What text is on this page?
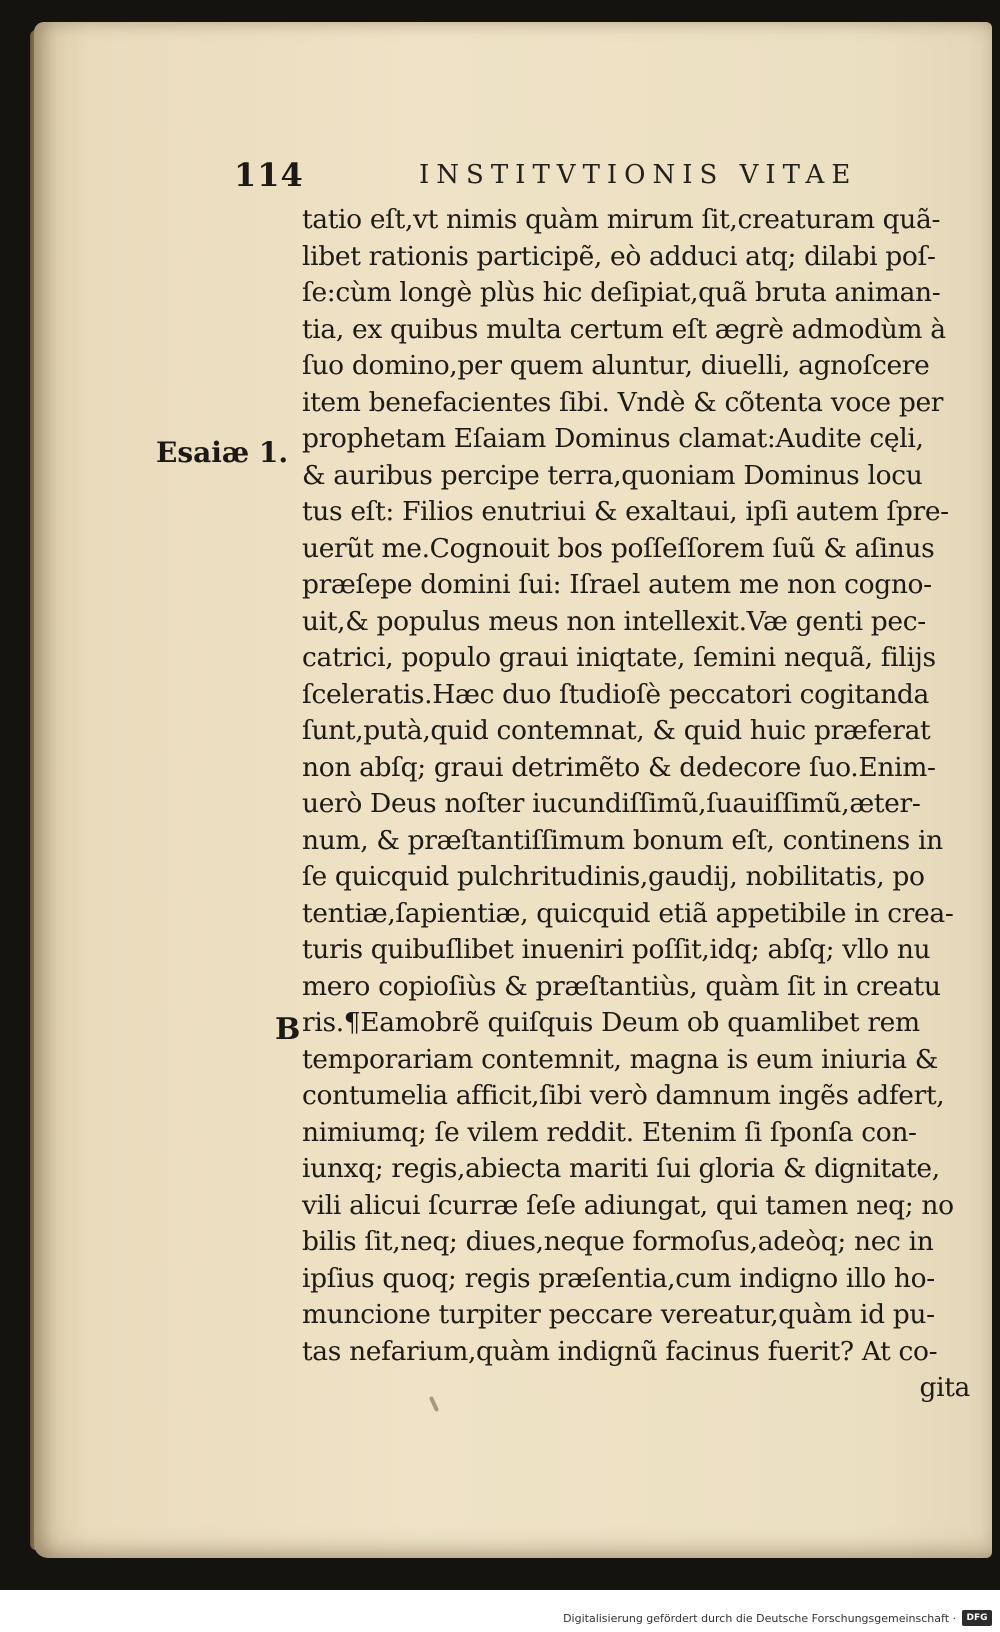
114	INSTITVTIONIS VITAE
Esaiæ 1.
B
tatio eſt,vt nimis quàm mirum ſit,creaturam quã-
libet rationis participẽ, eò adduci atq; dilabi poſ-
ſe:cùm longè plùs hic deſipiat,quã bruta animan-
tia, ex quibus multa certum eſt ægrè admodùm à
ſuo domino,per quem aluntur, diuelli, agnoſcere
item benefacientes ſibi. Vndè & cõtenta voce per
prophetam Eſaiam Dominus clamat:Audite cęli,
& auribus percipe terra,quoniam Dominus locu
tus eſt: Filios enutriui & exaltaui, ipſi autem ſpre-
uerũt me.Cognouit bos poſſeſſorem ſuũ & aſinus
præſepe domini ſui: Iſrael autem me non cogno-
uit,& populus meus non intellexit.Væ genti pec-
catrici, populo graui iniqtate, ſemini nequã, filijs
ſceleratis.Hæc duo ſtudioſè peccatori cogitanda
ſunt,putà,quid contemnat, & quid huic præferat
non abſq; graui detrimẽto & dedecore ſuo.Enim-
uerò Deus noſter iucundiſſimũ,ſuauiſſimũ,æter-
num, & præſtantiſſimum bonum eſt, continens in
ſe quicquid pulchritudinis,gaudij, nobilitatis, po
tentiæ,ſapientiæ, quicquid etiã appetibile in crea-
turis quibuſlibet inueniri poſſit,idq; abſq; vllo nu
mero copioſiùs & præſtantiùs, quàm ſit in creatu
ris.¶Eamobrẽ quiſquis Deum ob quamlibet rem
temporariam contemnit, magna is eum iniuria &
contumelia afficit,ſibi verò damnum ingẽs adfert,
nimiumq; ſe vilem reddit. Etenim ſi ſponſa con-
iunxq; regis,abiecta mariti ſui gloria & dignitate,
vili alicui ſcurræ ſeſe adiungat, qui tamen neq; no
bilis ſit,neq; diues,neque formoſus,adeòq; nec in
ipſius quoq; regis præſentia,cum indigno illo ho-
muncione turpiter peccare vereatur,quàm id pu-
tas nefarium,quàm indignũ facinus fuerit? At co-
gita
Digitalisierung gefördert durch die Deutsche Forschungsgemeinschaft ·	DFG
